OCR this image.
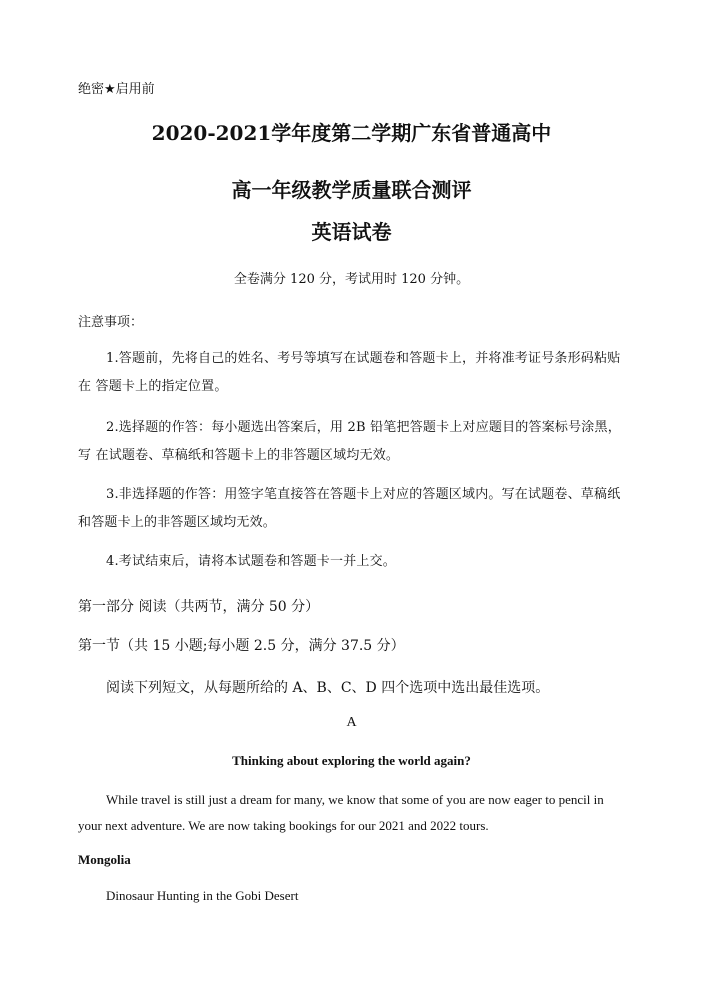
绝密★启用前
2020-2021学年度第二学期广东省普通高中
高一年级教学质量联合测评
英语试卷
全卷满分 120 分，考试用时 120 分钟。
注意事项：
1.答题前，先将自己的姓名、考号等填写在试题卷和答题卡上，并将准考证号条形码粘贴在 答题卡上的指定位置。
2.选择题的作答：每小题选出答案后，用 2B 铅笔把答题卡上对应题目的答案标号涂黑，写 在试题卷、草稿纸和答题卡上的非答题区域均无效。
3.非选择题的作答：用签字笔直接答在答题卡上对应的答题区域内。写在试题卷、草稿纸 和答题卡上的非答题区域均无效。
4.考试结束后，请将本试题卷和答题卡一并上交。
第一部分 阅读（共两节，满分 50 分）
第一节（共 15 小题;每小题 2.5 分，满分 37.5 分）
阅读下列短文，从每题所给的 A、B、C、D 四个选项中选出最佳选项。
A
Thinking about exploring the world again?
While travel is still just a dream for many, we know that some of you are now eager to pencil in your next adventure. We are now taking bookings for our 2021 and 2022 tours.
Mongolia
Dinosaur Hunting in the Gobi Desert
